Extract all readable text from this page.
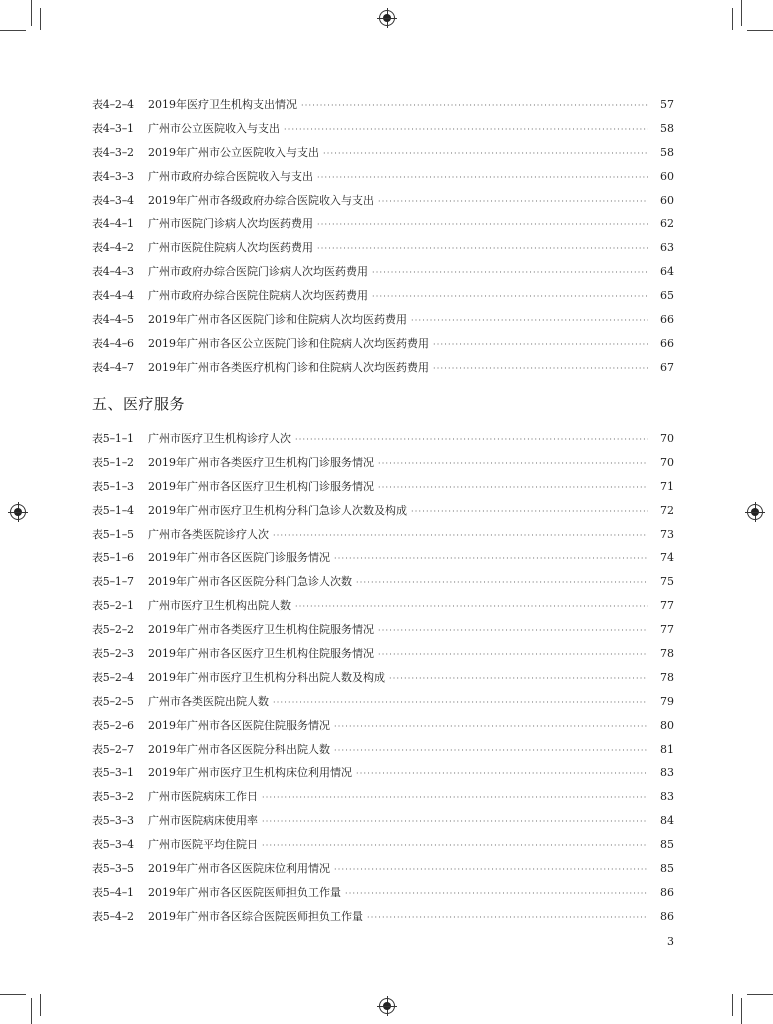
表4–2–4	2019年医疗卫生机构支出情况 ·····	57
表4–3–1	广州市公立医院收入与支出 ·····	58
表4–3–2	2019年广州市公立医院收入与支出 ·····	58
表4–3–3	广州市政府办综合医院收入与支出 ·····	60
表4–3–4	2019年广州市各级政府办综合医院收入与支出 ·····	60
表4–4–1	广州市医院门诊病人次均医药费用 ·····	62
表4–4–2	广州市医院住院病人次均医药费用 ·····	63
表4–4–3	广州市政府办综合医院门诊病人次均医药费用 ·····	64
表4–4–4	广州市政府办综合医院住院病人次均医药费用 ·····	65
表4–4–5	2019年广州市各区医院门诊和住院病人次均医药费用 ·····	66
表4–4–6	2019年广州市各区公立医院门诊和住院病人次均医药费用 ·····	66
表4–4–7	2019年广州市各类医疗机构门诊和住院病人次均医药费用 ·····	67
五、医疗服务
表5–1–1	广州市医疗卫生机构诊疗人次 ·····	70
表5–1–2	2019年广州市各类医疗卫生机构门诊服务情况 ·····	70
表5–1–3	2019年广州市各区医疗卫生机构门诊服务情况 ·····	71
表5–1–4	2019年广州市医疗卫生机构分科门急诊人次数及构成 ·····	72
表5–1–5	广州市各类医院诊疗人次 ·····	73
表5–1–6	2019年广州市各区医院门诊服务情况 ·····	74
表5–1–7	2019年广州市各区医院分科门急诊人次数 ·····	75
表5–2–1	广州市医疗卫生机构出院人数 ·····	77
表5–2–2	2019年广州市各类医疗卫生机构住院服务情况 ·····	77
表5–2–3	2019年广州市各区医疗卫生机构住院服务情况 ·····	78
表5–2–4	2019年广州市医疗卫生机构分科出院人数及构成 ·····	78
表5–2–5	广州市各类医院出院人数 ·····	79
表5–2–6	2019年广州市各区医院住院服务情况 ·····	80
表5–2–7	2019年广州市各区医院分科出院人数 ·····	81
表5–3–1	2019年广州市医疗卫生机构床位利用情况 ·····	83
表5–3–2	广州市医院病床工作日 ·····	83
表5–3–3	广州市医院病床使用率 ·····	84
表5–3–4	广州市医院平均住院日 ·····	85
表5–3–5	2019年广州市各区医院床位利用情况 ·····	85
表5–4–1	2019年广州市各区医院医师担负工作量 ·····	86
表5–4–2	2019年广州市各区综合医院医师担负工作量 ·····	86
3
